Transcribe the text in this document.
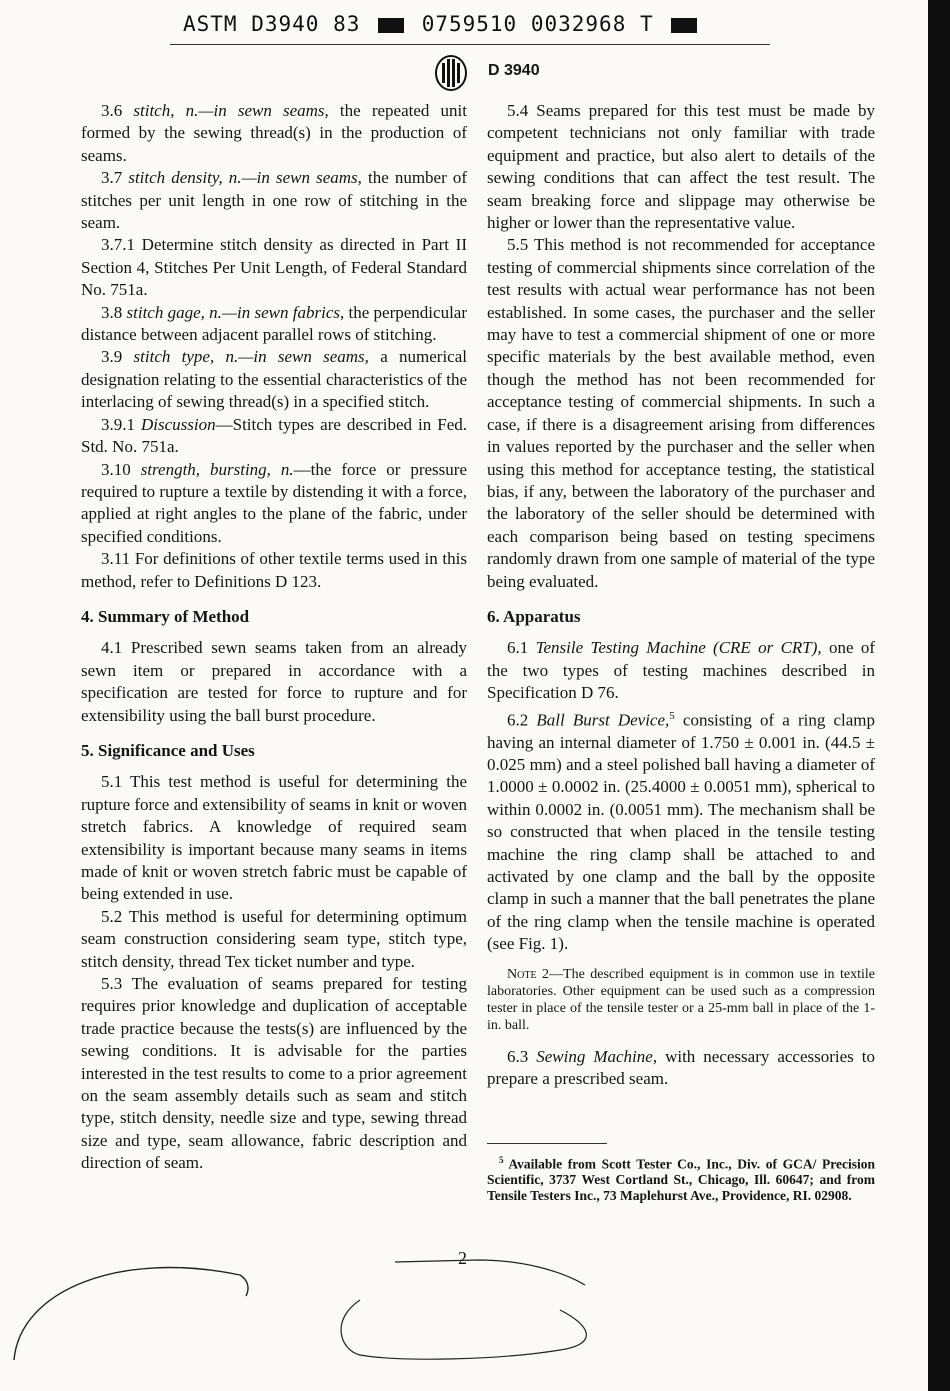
ASTM D3940 83	0759510 0032968 T
D 3940

3.6 stitch, n.—in sewn seams, the repeated unit formed by the sewing thread(s) in the production of seams.

3.7 stitch density, n.—in sewn seams, the number of stitches per unit length in one row of stitching in the seam.

3.7.1 Determine stitch density as directed in Part II Section 4, Stitches Per Unit Length, of Federal Standard No. 751a.

3.8 stitch gage, n.—in sewn fabrics, the perpendicular distance between adjacent parallel rows of stitching.

3.9 stitch type, n.—in sewn seams, a numerical designation relating to the essential characteristics of the interlacing of sewing thread(s) in a specified stitch.

3.9.1 Discussion—Stitch types are described in Fed. Std. No. 751a.

3.10 strength, bursting, n.—the force or pressure required to rupture a textile by distending it with a force, applied at right angles to the plane of the fabric, under specified conditions.

3.11 For definitions of other textile terms used in this method, refer to Definitions D 123.

4. Summary of Method

4.1 Prescribed sewn seams taken from an already sewn item or prepared in accordance with a specification are tested for force to rupture and for extensibility using the ball burst procedure.

5. Significance and Uses

5.1 This test method is useful for determining the rupture force and extensibility of seams in knit or woven stretch fabrics. A knowledge of required seam extensibility is important because many seams in items made of knit or woven stretch fabric must be capable of being extended in use.

5.2 This method is useful for determining optimum seam construction considering seam type, stitch type, stitch density, thread Tex ticket number and type.

5.3 The evaluation of seams prepared for testing requires prior knowledge and duplication of acceptable trade practice because the tests(s) are influenced by the sewing conditions. It is advisable for the parties interested in the test results to come to a prior agreement on the seam assembly details such as seam and stitch type, stitch density, needle size and type, sewing thread size and type, seam allowance, fabric description and direction of seam.

5.4 Seams prepared for this test must be made by competent technicians not only familiar with trade equipment and practice, but also alert to details of the sewing conditions that can affect the test result. The seam breaking force and slippage may otherwise be higher or lower than the representative value.

5.5 This method is not recommended for acceptance testing of commercial shipments since correlation of the test results with actual wear performance has not been established. In some cases, the purchaser and the seller may have to test a commercial shipment of one or more specific materials by the best available method, even though the method has not been recommended for acceptance testing of commercial shipments. In such a case, if there is a disagreement arising from differences in values reported by the purchaser and the seller when using this method for acceptance testing, the statistical bias, if any, between the laboratory of the purchaser and the laboratory of the seller should be determined with each comparison being based on testing specimens randomly drawn from one sample of material of the type being evaluated.

6. Apparatus

6.1 Tensile Testing Machine (CRE or CRT), one of the two types of testing machines described in Specification D 76.

6.2 Ball Burst Device,$^5$ consisting of a ring clamp having an internal diameter of 1.750 ± 0.001 in. (44.5 ± 0.025 mm) and a steel polished ball having a diameter of 1.0000 ± 0.0002 in. (25.4000 ± 0.0051 mm), spherical to within 0.0002 in. (0.0051 mm). The mechanism shall be so constructed that when placed in the tensile testing machine the ring clamp shall be attached to and activated by one clamp and the ball by the opposite clamp in such a manner that the ball penetrates the plane of the ring clamp when the tensile machine is operated (see Fig. 1).

Note 2—The described equipment is in common use in textile laboratories. Other equipment can be used such as a compression tester in place of the tensile tester or a 25-mm ball in place of the 1-in. ball.

6.3 Sewing Machine, with necessary accessories to prepare a prescribed seam.

$^5$ Available from Scott Tester Co., Inc., Div. of GCA/ Precision Scientific, 3737 West Cortland St., Chicago, Ill. 60647; and from Tensile Testers Inc., 73 Maplehurst Ave., Providence, RI. 02908.

2
